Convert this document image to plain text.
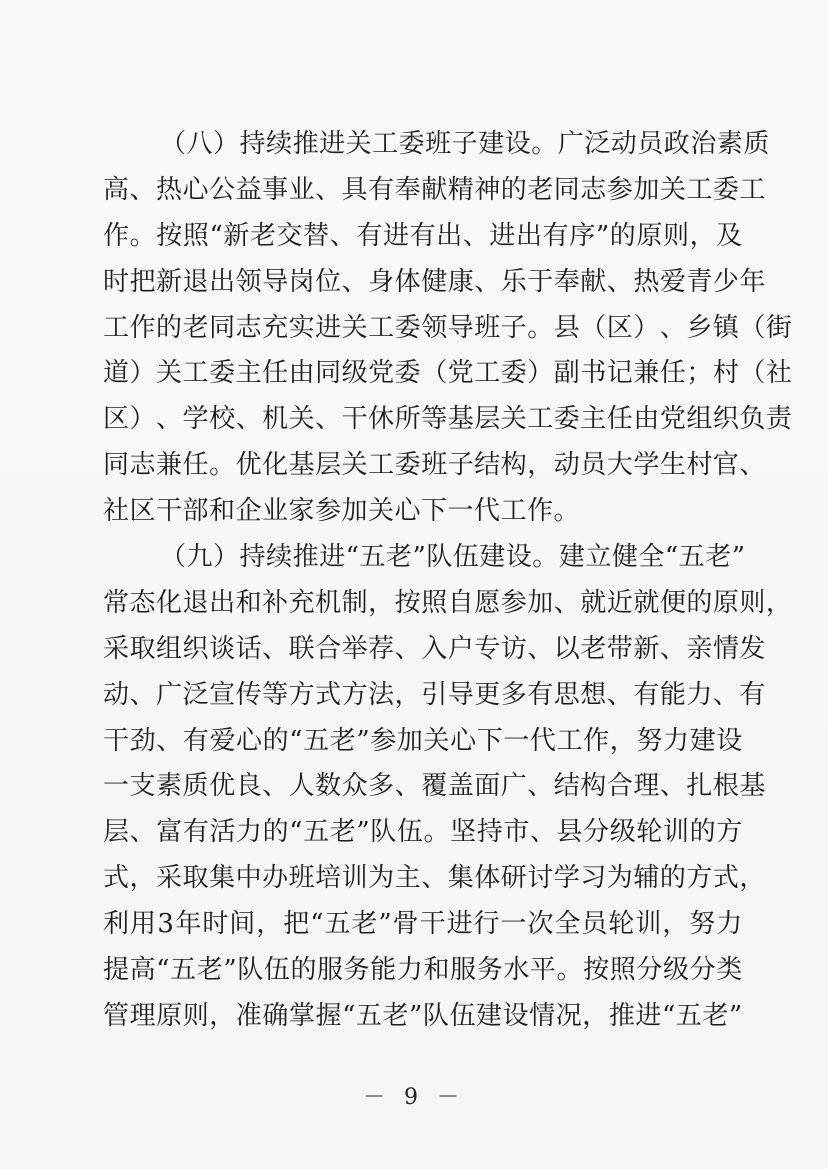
（ 八 ） 持 续 推 进 关 工 委 班 子 建 设 。 广 泛 动 员 政 治 素 质
高 、 热 心 公 益 事 业 、 具 有 奉 献 精 神 的 老 同 志 参 加 关 工 委 工
作 。 按 照 “ 新 老 交 替 、 有 进 有 出 、 进 出 有 序 ” 的 原 则 ， 及
时 把 新 退 出 领 导 岗 位 、 身 体 健 康 、 乐 于 奉 献 、 热 爱 青 少 年
工 作 的 老 同 志 充 实 进 关 工 委 领 导 班 子 。 县 （ 区 ） 、 乡 镇 （ 街
道 ） 关 工 委 主 任 由 同 级 党 委 （ 党 工 委 ） 副 书 记 兼 任 ； 村 （ 社
区 ） 、 学 校 、 机 关 、 干 休 所 等 基 层 关 工 委 主 任 由 党 组 织 负 责
同 志 兼 任 。 优 化 基 层 关 工 委 班 子 结 构 ， 动 员 大 学 生 村 官 、
社区干部和企业家参加关心下一代工作。
（ 九 ） 持 续 推 进 “ 五 老 ” 队 伍 建 设 。 建 立 健 全 “ 五 老 ”
常 态 化 退 出 和 补 充 机 制 ， 按 照 自 愿 参 加 、 就 近 就 便 的 原 则 ，
采 取 组 织 谈 话 、 联 合 举 荐 、 入 户 专 访 、 以 老 带 新 、 亲 情 发
动 、 广 泛 宣 传 等 方 式 方 法 ， 引 导 更 多 有 思 想 、 有 能 力 、 有
干 劲 、 有 爱 心 的 “ 五 老 ” 参 加 关 心 下 一 代 工 作 ， 努 力 建 设
一 支 素 质 优 良 、 人 数 众 多 、 覆 盖 面 广 、 结 构 合 理 、 扎 根 基
层 、 富 有 活 力 的 “ 五 老 ” 队 伍 。 坚 持 市 、 县 分 级 轮 训 的 方
式 ， 采 取 集 中 办 班 培 训 为 主 、 集 体 研 讨 学 习 为 辅 的 方 式 ，
利 用 3 年 时 间 ， 把 “ 五 老 ” 骨 干 进 行 一 次 全 员 轮 训 ， 努 力
提 高 “ 五 老 ” 队 伍 的 服 务 能 力 和 服 务 水 平 。 按 照 分 级 分 类
管 理 原 则 ， 准 确 掌 握 “ 五 老 ” 队 伍 建 设 情 况 ， 推 进 “ 五 老 ”
－ 9 －
